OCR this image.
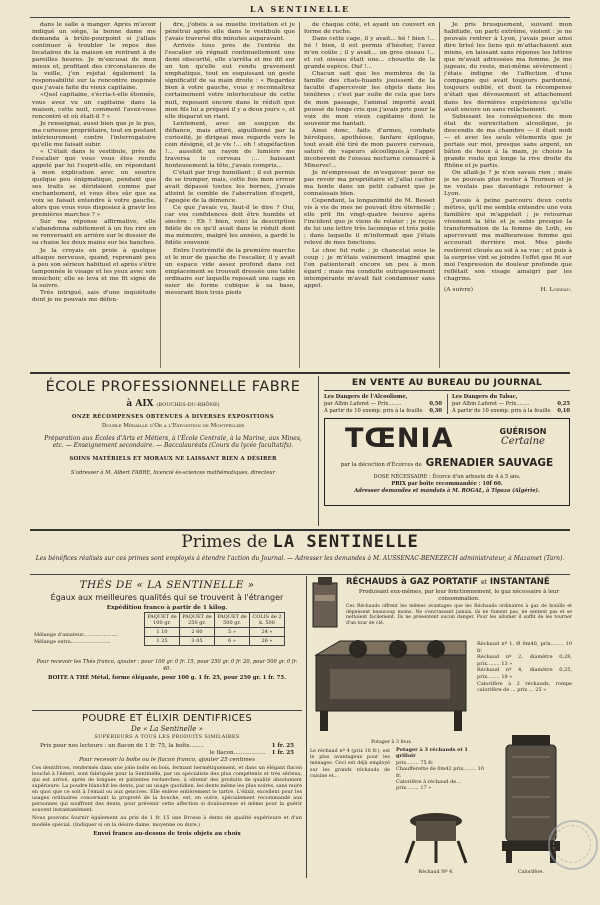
LA SENTINELLE

dans le salle à manger. Après m'avoir indiqué un siège, la bonne dame me demanda à brûle-pourpoint si j'allais continuer à troubler le repos des locataires de la maison en rentrant à de pareilles heures. Je m'excusai de mon mieux et, profitant des circonstances de la veille, j'en rejetai également la responsabilité sur la rencontre inopinée que j'avais faite du vieux capitaine.

«Quel capitaine, s'écria-t-elle étonnée, vous avez vu un capitaine dans la maison, cette nuit, comment l'avez-vous rencontré et où était-il ? »

Je renseignai, aussi bien que je le pus, ma curieuse propriétaire, tout en pestant intérieurement contre l'interrogatoire qu'elle me faisait subir.

« C'était dans le vestibule, près de l'escalier que vous vous êtes rendu appelé par lui l'esprit-elle, en répondant à mon explication avec un sourire quelque peu énigmatique, pendant que ses traits se déridaient comme par enchantement, et vous êtes sûr que sa voix se faisait entendre à votre gauche, alors que vous vous disposiez à gravir les premières marches ? »

Sur ma réponse affirmative, elle s'abandonna subitement à un fou rire en se renversant en arrière sur le dossier de sa chaise les deux mains sur les hanches.

Je la croyais en proie à quelque attaque nerveuse, quand, reprenant peu à peu son sérieux habituel et après s'être tamponnée le visage et les yeux avec son mouchoir, elle se leva et me fit signe de la suivre.

Très intrigué, sais d'une inquiétude dont je ne pouvais me défen-

dre, j'obéis à sa muette invitation et je pénétrai après elle dans le vestibule que j'avais traversé dix minutes auparavant.

Arrivés tous près de l'entrée de l'escalier où régnait continuellement une demi obscurité, elle s'arrêta et me dit sur un ton qu'elle eut rendu gravement emphatique, tout en esquissant un geste significatif de sa main droite : « Regardez bien à votre gauche, vous y reconnaîtrez certainement votre interlocuteur de cette nuit, reposant encore dans le réduit que mon fils lui a préparé il y a deux jours », et elle disparut en riant.

Lentement, avec un soupçon de défiance, mais attiré, aiguillonné par la curiosité, je dirigeai mes regards vers le coin désigné, et je vis !... oh ! stupéfaction !... aussitôt un rayon de lumière me traversa le cerveau ;... baissant honteusement la tête, j'avais compris...

C'était par trop humiliant ; il est permis de se tromper, mais, cette fois mon erreur avait dépassé toutes les bornes, j'avais atteint le comble de l'aberration d'esprit, l'apogée de la démence.

Ce que j'avais vu, faut-il le dire ? Oui, car vos confidences doit être humble et sincère : Eh ! bien, voici la description fidèle de ce qu'il avait dans le réduit dont ma mémoire, maigré les années, a gardé le fidèle souvenir.

Entre l'extrémité de la première marche et le mur de gauche de l'escalier, il y avait un espace vide assez profond dans cet emplacement se trouvait dressée une table ordinaire sur laquelle reposait une cage en osier de forme cubique à sa base, mesurant bien trois pieds

de chaque côté, et ayant un couvert en forme de ruche.

Dans cette cage, il y avait... hé ! bien !... hé ! bien, il est permis d'hésiter, l'avez m'en coûte ; il y avait... un gros oiseau !... et cet oiseau était une... chouette de la grande espèce. Ouf !...

Chacun sait que les membres de la famille des chats-huants jouissent de la faculté d'apercevoir les objets dans les ténèbres ; c'est par suite de cela que lors de mon passage, l'animal importé avait poussé de longs cris que j'avais pris pour la voix de mon vieux capitaine dont le souvenir me hantait.

Ainsi donc, faits d'armes, combats héroïques, apothéose, fanfare épilogue, tout avait été tiré de mon pauvre cerveau, saturé de vapeurs alcooliques,à l'appel incoherent de l'oiseau nocturne consacré à Minerve!...

Je m'empressai de m'esquiver pour ne pas revoir ma propriétaire et j'allai cacher ma honte dans un petit cabaret que je connaissais bien.

Cependant, la longanimité de M. Besset vis à vis de mes ne pouvait être éternelle ; elle prit fin vingt-quatre heures après l'incident que je viens de relater ; je reçus de lui une lettre très laconique et très polie ; dans laquelle il m'informait que j'étais relevé de mes fonctions.

Le choc fut rude ; je chancelai sous le coup ; je m'étais vainement imaginé que l'on patienterait encore un peu à mon égard ; mais ma conduite outrageusement intempérante m'avait fait condamner sans appel.

Je pris brusquement, suivant mon habitude, un parti extrême, violent : je ne pouvais rentrer à Lyon, j'avais pour ainsi dire brisé les liens qui m'attachaient aux miens, en laissant sans réponse les lettres que m'avait adressées ma femme. Je me jugeais, du reste, moi-même sévèrement ; j'étais indigne de l'affection d'une compagne qui avait toujours pardonné, toujours oublié, et dont la récompense n'était que dévouement et attachement dans les dernières expériences qu'elle avait encore un sans relâchement.

Subissant les conséquences de mon état de surexcitation alcoolique, je descendis de ma chambre — il était midi — et avec les seuls vêtements que je portais sur moi, presque sans argent, un bâton de houx à la main, je choisis la grande route qui longe la rive droite du Rhône et je partis.

On allait-je ? je n'en savais rien ; mais je ne pouvais plus rester à Tournon et je ne voulais pas davantage retourner à Lyon.

J'avais à peine parcouru deux cents mètres, qu'il me sembla entendre une voix familière qui m'appelait ; je retournai vivement la tête et je subis presque la transformation de la femme de Loth, en apercevant ma malheureuse femme qui accourait derrière moi. Mes pieds restèrent cloués au sol à sa vue ; et puis à la surprise vint se joindre l'effet que fit sur moi l'expression de douleur profonde que reflétait son visage amaigri par les chagrins.

(A suivre)	H. Loiseau.
ÉCOLE PROFESSIONNELLE FABRE
à AIX (BOUCHES-DU-RHÔNE)
ONZE RÉCOMPENSES OBTENUES A DIVERSES EXPOSITIONS
Double Médaille d'Or a l'Exposition de Montpellier
Préparation aux Écoles d'Arts et Métiers, à l'École Centrale, à la Marine, aux Mines, etc. — Enseignement secondaire. — Baccalauréats (Cours du lycée facultatifs).
SOINS MATÉRIELS ET MORAUX NE LAISSANT RIEN A DÉSIRER
S'adresser à M. Albert FABRE, licencié ès-sciences mathématiques, directeur
EN VENTE AU BUREAU DU JOURNAL
Les Dangers de l'Alcoolisme,
par Albin Laforet — Prix........	0,50
A partir de 10 exemp. prix à la feuille 0,30
Les Dangers du Tabac,
par Albin Laforet — Prix........	0,25
A partir de 10 exemp. prix à la feuille 0,10
TŒNIA	GUÉRISON
Certaine
par la décoction d'Écorces de GRENADIER SAUVAGE
DOSE NÉCESSAIRE : Écorce d'un arbuste de 4 à 5 ans.
PRIX par boîte recommandée : 10f 60.
Adresser demandes et mandats à M. ROGAL, à Tipaza (Algérie).
Primes de LA SENTINELLE
Les bénéfices réalisés sur ces primes sont employés à étendre l'action du Journal. — Adresser les demandes à M. AUSSENAC-BENEZECH administrateur, à Mazamet (Tarn).
THÉS DE « LA SENTINELLE »
Égaux aux meilleures qualités qui se trouvent à l'étranger
Expédition franco à partir de 1 kilog.
PAQUET de 100 gr.	PAQUET de 250 gr.	PAQUET de 500 gr.	COLIS de 2 k. 500
1 10	2 60	5 »	24 »
1 25	3 05	6 »	26 »
Mélange d'amateur......................
Mélange extra.........................
Pour recevoir les Thés franco, ajouter : pour 100 gr. 0 fr. 15, pour 250 gr. 0 fr. 20, pour 500 gr. 0 fr. 40.
BOITE A THÉ Métal, forme élégante, pour 100 g. 1 fr. 25, pour 250 gr. 1 fr. 75.
POUDRE ET ÉLIXIR DENTIFRICES
De « La Sentinelle »
SUPÉRIEURS A TOUS LES PRODUITS SIMILAIRES
Prix pour nos lecteurs : un flacon de 1 fr. 75, la boîte........	1 fr. 25
le flacon.................. 1 fr. 25
Pour recevoir la boîte ou le flacon franco, ajouter 25 centimes
Ces dentifrices, renfermés dans une jolie boîte en bois, fermant hermétiquement, et dans un élégant flacon bouché à l'émeri, sont fabriqués pour la Sentinelle, par un spécialiste des plus compétents et très sérieux, qui est arrivé, après de longues et patientes recherches, à obtenir des produits de qualité absolument supérieure. La poudre blanchit les dents, par un usage quotidien, les dents même les plus noires, sans nuire en quoi que ce soit à l'émail ou aux gencives. Elle enlève entièrement le tartre. L'élixir, excellent pour les usages ordinaires concernant la propreté de la bouche, est, en outre, spécialement recommandé aux personnes qui souffrent des dents, pour prévenir cette affection si douloureuse et même pour la guérir souvent instantanément.
Nous pouvons fournir également au prix de 1 fr. 15 une Brosse à dents de qualité supérieure et d'un modèle spécial. (Indiquer si on la désire dame, moyenne ou dure.)
Envoi franco au-dessus de trois objets au choix
RÉCHAUDS à GAZ PORTATIF et INSTANTANÉ
Produisant eux-mêmes, par leur fonctionnement, le gaz nécessaire à leur consommation.
Ces Réchauds offrent les mêmes avantages que les Réchauds ordinaires à gaz de houille et dépensent beaucoup moins. Ne s'encrassant jamais, ils ne fument pas, ne sentent pas et se nettoient facilement. Ils ne présentent aucun danger. Pour les allumer il suffit de les tourner d'un tour de clé.
Potager à 3 feux
Réchaud nº 1, Ø 0m40, prix........ 10 fr.
Réchaud nº 2, diamètre 0,28, prix........ 13 »
Réchaud nº 4, diamètre 0,25, prix........ 18 »
Calorifère à 2 réchauds, rompe calorifère de ... prix ... 25 »
Le réchaud nº 4 (prix 18 fr.), est le plus avantageux pour les ménages. Ceci est déjà employé sur les grands réchauds de cuisine et...
Potager à 3 réchauds et 1 grilloir
prix........ 75 fr.
Chaufferette de 0m42 prix........ 10 fr.
Calorifère à réchaud de... prix........ 17 »
Réchaud Nº 4.	Calorifère.
